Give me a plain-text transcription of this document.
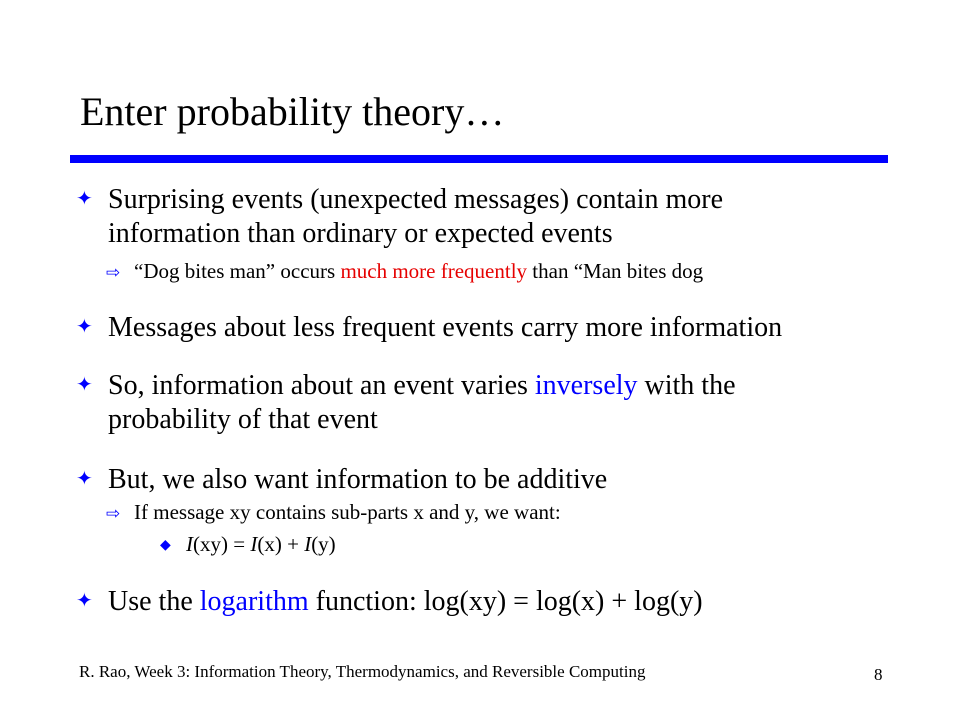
Enter probability theory…
✦ Surprising events (unexpected messages) contain more
information than ordinary or expected events
⇨ “Dog bites man” occurs much more frequently than “Man bites dog
✦ Messages about less frequent events carry more information
✦ So, information about an event varies inversely with the
probability of that event
✦ But, we also want information to be additive
⇨ If message xy contains sub-parts x and y, we want:
◆ I(xy) = I(x) + I(y)
✦ Use the logarithm function: log(xy) = log(x) + log(y)
R. Rao, Week 3: Information Theory, Thermodynamics, and Reversible Computing	8
